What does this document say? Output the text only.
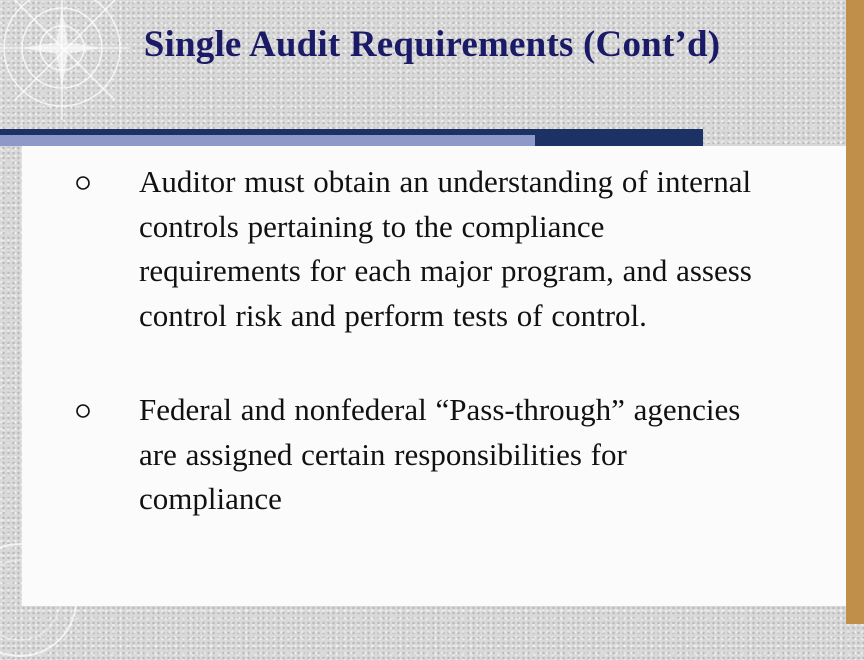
Single Audit Requirements (Cont’d)

Auditor must obtain an understanding of internal controls pertaining to the compliance requirements for each major program, and assess control risk and perform tests of control.

Federal and nonfederal “Pass-through” agencies are assigned certain responsibilities for compliance
